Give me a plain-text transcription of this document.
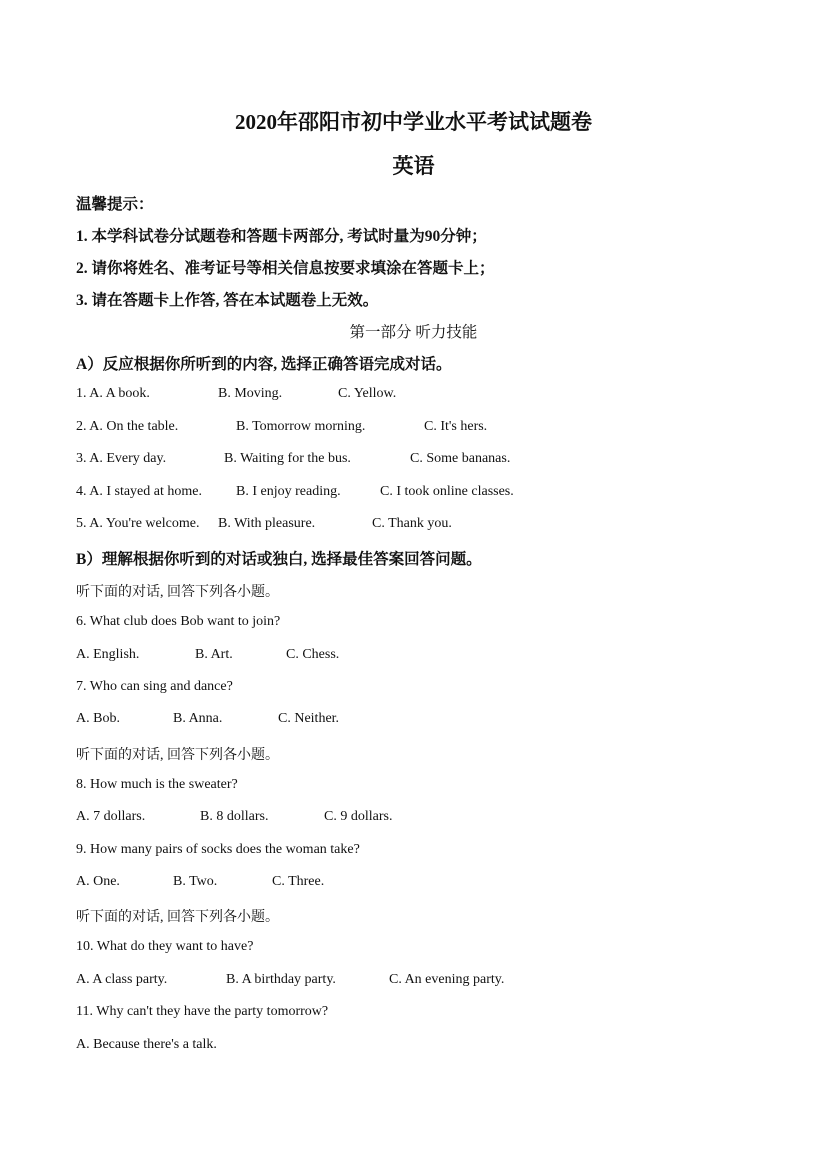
2020年邵阳市初中学业水平考试试题卷
英语
温馨提示：
1. 本学科试卷分试题卷和答题卡两部分, 考试时量为90分钟；
2. 请你将姓名、准考证号等相关信息按要求填涂在答题卡上；
3. 请在答题卡上作答, 答在本试题卷上无效。
第一部分 听力技能
A）反应根据你所听到的内容, 选择正确答语完成对话。
1. A. A book.	B. Moving.	C. Yellow.
2. A. On the table.	B. Tomorrow morning.	C. It's hers.
3. A. Every day.	B. Waiting for the bus.	C. Some bananas.
4. A. I stayed at home. B. I enjoy reading.	C. I took online classes.
5. A. You're welcome. B. With pleasure.	C. Thank you.
B）理解根据你听到的对话或独白, 选择最佳答案回答问题。
听下面的对话, 回答下列各小题。
6. What club does Bob want to join?
A. English.	B. Art.	C. Chess.
7. Who can sing and dance?
A. Bob.	B. Anna.	C. Neither.
听下面的对话, 回答下列各小题。
8. How much is the sweater?
A. 7 dollars.	B. 8 dollars.	C. 9 dollars.
9. How many pairs of socks does the woman take?
A. One.	B. Two.	C. Three.
听下面的对话, 回答下列各小题。
10. What do they want to have?
A. A class party.	B. A birthday party.	C. An evening party.
11. Why can't they have the party tomorrow?
A. Because there's a talk.
